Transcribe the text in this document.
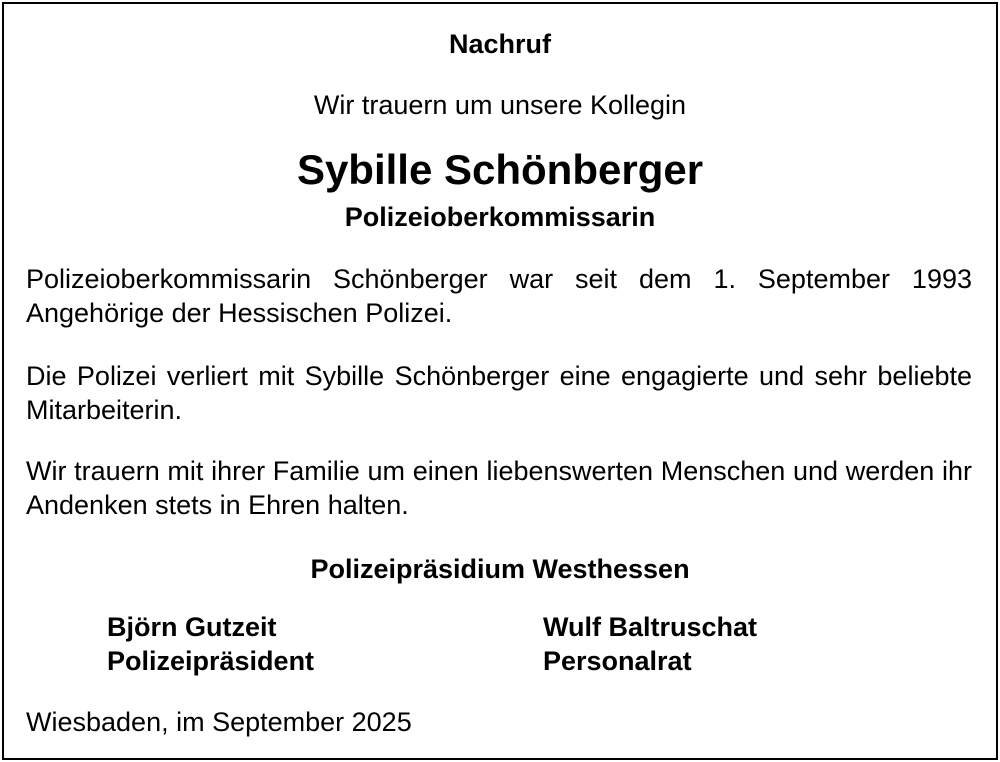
Nachruf
Wir trauern um unsere Kollegin
Sybille Schönberger
Polizeioberkommissarin

Polizeioberkommissarin Schönberger war seit dem 1. September 1993 Angehörige der Hessischen Polizei.

Die Polizei verliert mit Sybille Schönberger eine engagierte und sehr beliebte Mitarbeiterin.

Wir trauern mit ihrer Familie um einen liebenswerten Menschen und werden ihr Andenken stets in Ehren halten.

Polizeipräsidium Westhessen
Björn Gutzeit
Polizeipräsident
Wulf Baltruschat
Personalrat
Wiesbaden, im September 2025
